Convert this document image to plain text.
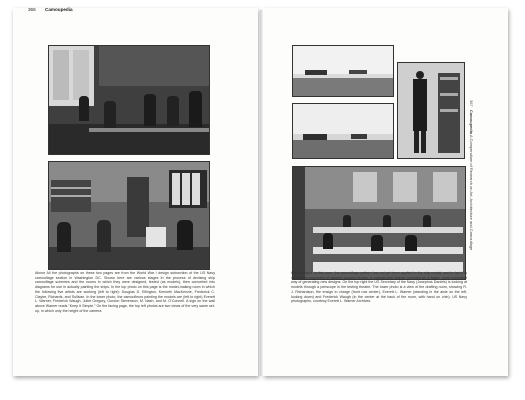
366 Camoupedia
Above All the photographs on these two pages are from the World War I design subsection of the US Navy camouflage section in Washington DC. Shown here are various stages in the process of devising ship camouflage schemes and the rooms in which they were designed, tested (as models), then converted into diagrams for use in actually painting the ships. In the top photo on this page is the model-making room in which the following five artists are working (left to right): Douglas D. Ellington, Kenneth MacKenzie, Frederick C. Clayter, Richards, and Sullivan. In the lower photo, the camoufleurs painting the models are (left to right) Everett L. Warner, Frederick Waugh, Juliet Gregory, Gordon Stevenson, M. Nash, and M. O'Connell. A sign on the wall above Warner reads "Keep It Simple." On the facing page, the top left photos are two views of the very same set-up, in which only the height of the camera
has changed. In this case, the camouflage pattern has not yet been applied to the ship model, and in fact it is only an arrangement of painted wooden blocks, a method that Warner invented as a faster, more expedient way of generating new designs. On the top right the US Secretary of the Navy (Josephus Daniels) is looking at models through a periscope in the testing theatre. The lower photo is a view of the drafting room, showing R. J. Richardson, the ensign in charge (front row center), Everett L. Warner (standing in the aisle on the left, looking down) and Frederick Waugh (in the center at the back of the room, with hand on chin). US Navy photographs, courtesy Everett L. Warner Archives.
367   Camoupedia A Compendium of Research on Art, Architecture and Camouflage
